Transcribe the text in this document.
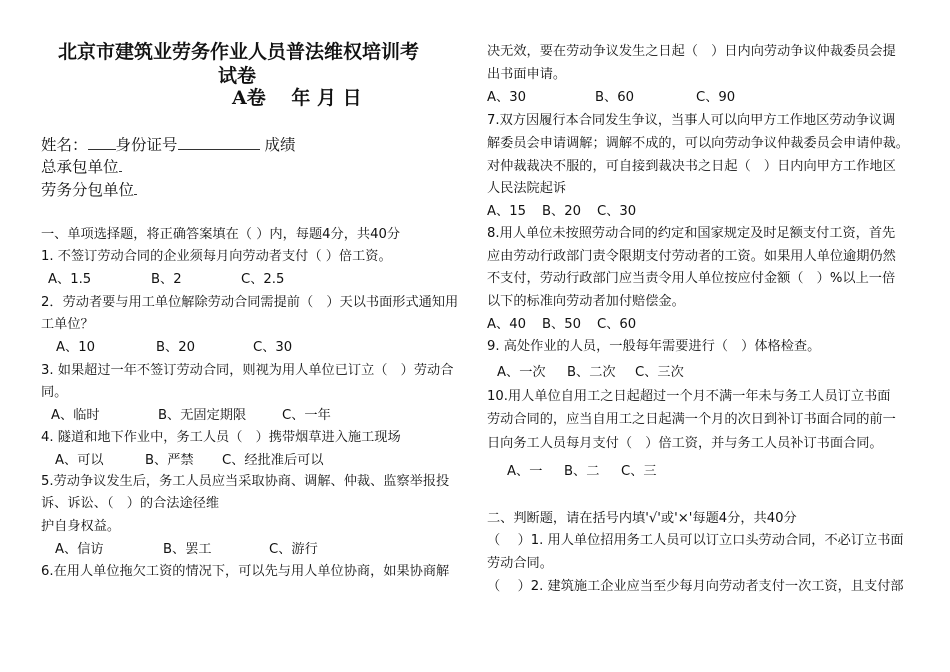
北京市建筑业劳务作业人员普法维权培训考
试卷
A卷　 年 月 日
姓名： 身份证号	成绩
总承包单位
劳务分包单位
一、单项选择题，将正确答案填在（ ）内，每题4分，共40分
1. 不签订劳动合同的企业须每月向劳动者支付（ ）倍工资。
A、1.5	B、2	C、2.5
2．劳动者要与用工单位解除劳动合同需提前（　）天以书面形式通知用
工单位？
A、10	B、20	C、30
3. 如果超过一年不签订劳动合同，则视为用人单位已订立（　）劳动合
同。
A、临时	B、无固定期限	C、一年
4. 隧道和地下作业中，务工人员（　）携带烟草进入施工现场
A、可以	B、严禁 C、经批准后可以
5.劳动争议发生后，务工人员应当采取协商、调解、仲裁、监察举报投
诉、诉讼、（　）的合法途径维
护自身权益。
A、信访	B、罢工	C、游行
6.在用人单位拖欠工资的情况下，可以先与用人单位协商，如果协商解
决无效，要在劳动争议发生之日起（　）日内向劳动争议仲裁委员会提
出书面申请。
A、30	B、60	C、90
7.双方因履行本合同发生争议，当事人可以向甲方工作地区劳动争议调
解委员会申请调解；调解不成的，可以向劳动争议仲裁委员会申请仲裁。
对仲裁裁决不服的，可自接到裁决书之日起（　）日内向甲方工作地区
人民法院起诉
A、15 B、20 C、30
8.用人单位未按照劳动合同的约定和国家规定及时足额支付工资，首先
应由劳动行政部门责令限期支付劳动者的工资。如果用人单位逾期仍然
不支付，劳动行政部门应当责令用人单位按应付金额（　）%以上一倍
以下的标准向劳动者加付赔偿金。
A、40 B、50 C、60
9. 高处作业的人员，一般每年需要进行（　）体格检查。
A、一次 B、二次 C、三次
10.用人单位自用工之日起超过一个月不满一年未与务工人员订立书面
劳动合同的，应当自用工之日起满一个月的次日到补订书面合同的前一
日向务工人员每月支付（　）倍工资，并与务工人员补订书面合同。
A、一 B、二 C、三
二、判断题，请在括号内填'√'或'×'每题4分，共40分
（　 ）1. 用人单位招用务工人员可以订立口头劳动合同，不必订立书面
劳动合同。
（　 ）2. 建筑施工企业应当至少每月向劳动者支付一次工资，且支付部
